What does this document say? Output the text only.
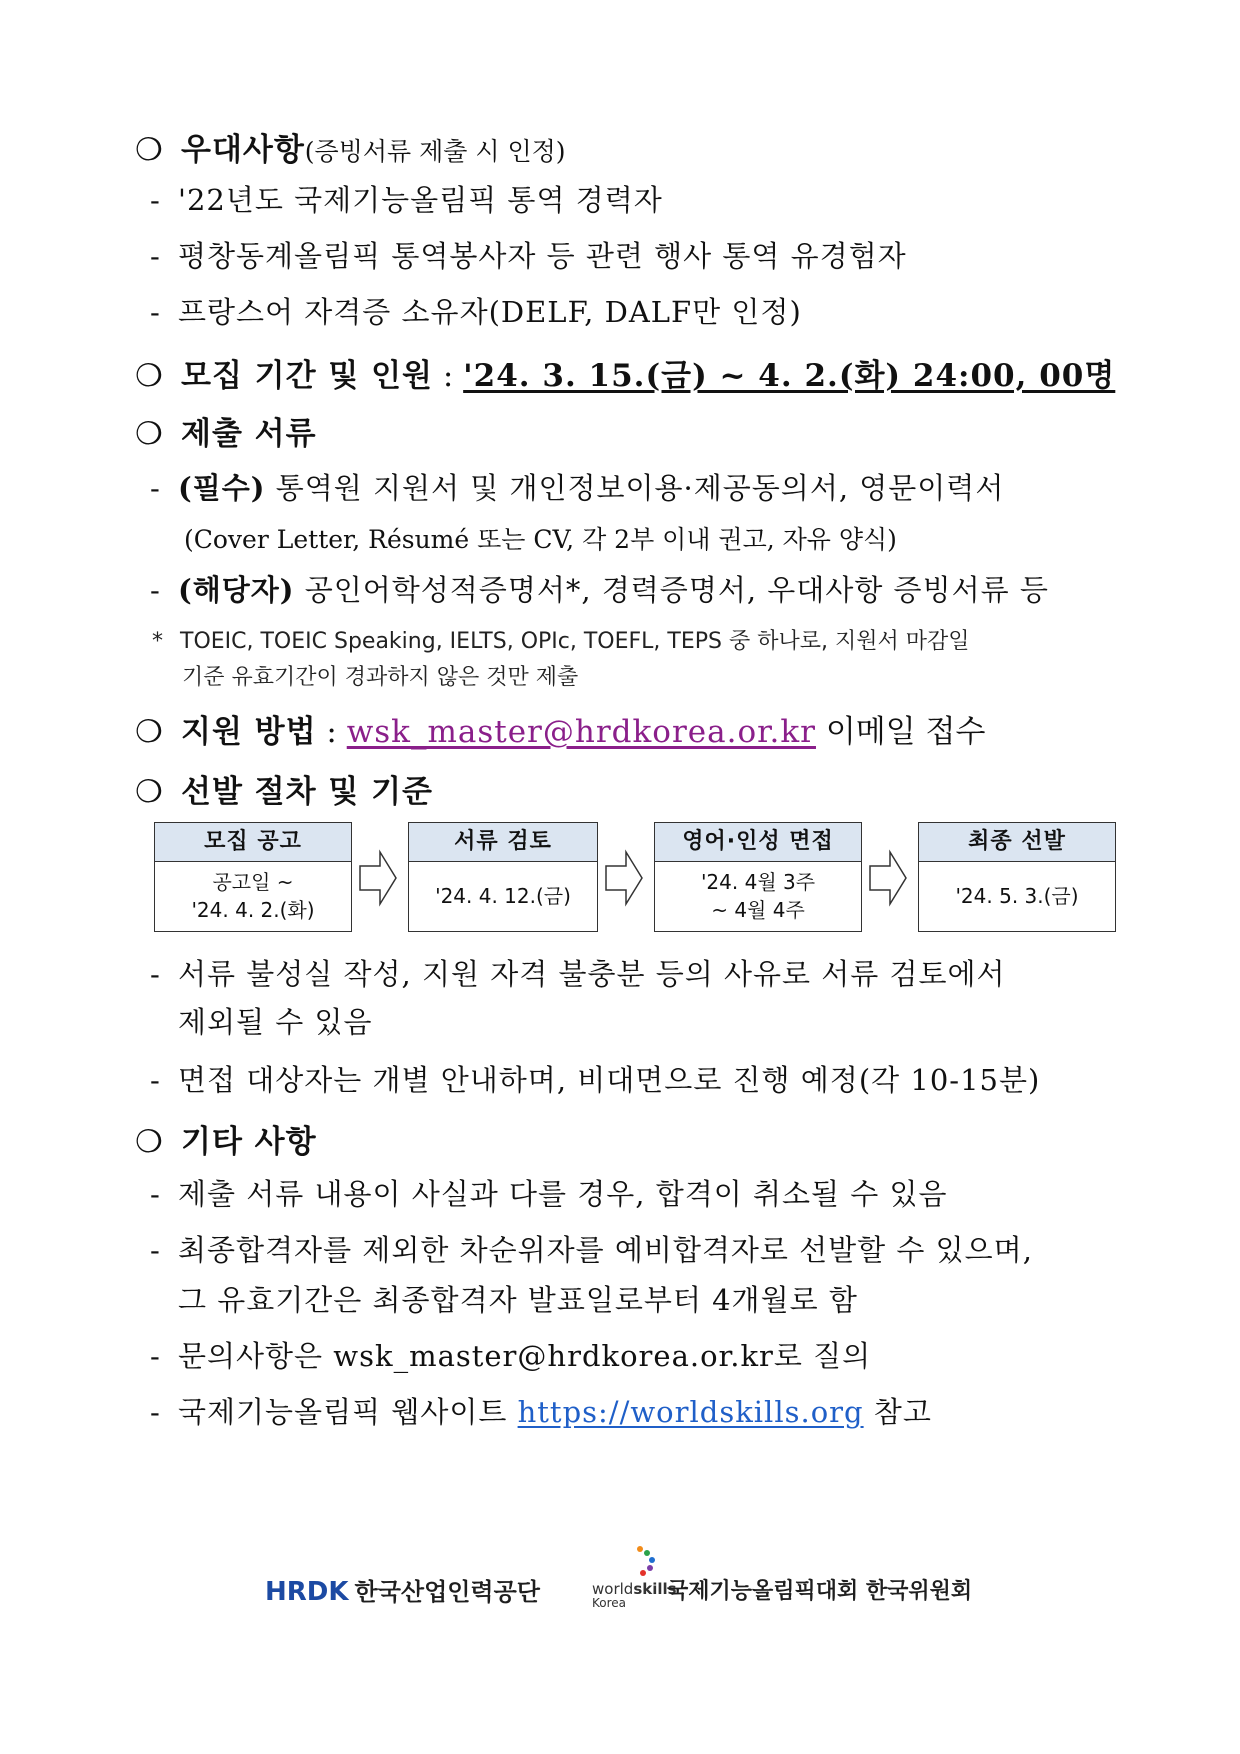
❍ 우대사항(증빙서류 제출 시 인정)
- '22년도 국제기능올림픽 통역 경력자
- 평창동계올림픽 통역봉사자 등 관련 행사 통역 유경험자
- 프랑스어 자격증 소유자(DELF, DALF만 인정)
❍ 모집 기간 및 인원 : '24. 3. 15.(금) ~ 4. 2.(화) 24:00, 00명
❍ 제출 서류
- (필수) 통역원 지원서 및 개인정보이용·제공동의서, 영문이력서
(Cover Letter, Résumé 또는 CV, 각 2부 이내 권고, 자유 양식)
- (해당자) 공인어학성적증명서*, 경력증명서, 우대사항 증빙서류 등
* TOEIC, TOEIC Speaking, IELTS, OPIc, TOEFL, TEPS 중 하나로, 지원서 마감일
기준 유효기간이 경과하지 않은 것만 제출
❍ 지원 방법 : wsk_master@hrdkorea.or.kr 이메일 접수
❍ 선발 절차 및 기준
모집 공고
공고일 ~
'24. 4. 2.(화)
서류 검토
'24. 4. 12.(금)
영어·인성 면접
'24. 4월 3주
~ 4월 4주
최종 선발
'24. 5. 3.(금)
- 서류 불성실 작성, 지원 자격 불충분 등의 사유로 서류 검토에서
제외될 수 있음
- 면접 대상자는 개별 안내하며, 비대면으로 진행 예정(각 10-15분)
❍ 기타 사항
- 제출 서류 내용이 사실과 다를 경우, 합격이 취소될 수 있음
- 최종합격자를 제외한 차순위자를 예비합격자로 선발할 수 있으며,
그 유효기간은 최종합격자 발표일로부터 4개월로 함
- 문의사항은 wsk_master@hrdkorea.or.kr로 질의
- 국제기능올림픽 웹사이트 https://worldskills.org 참고
HRDK 한국산업인력공단	worldskills
Korea 국제기능올림픽대회 한국위원회
